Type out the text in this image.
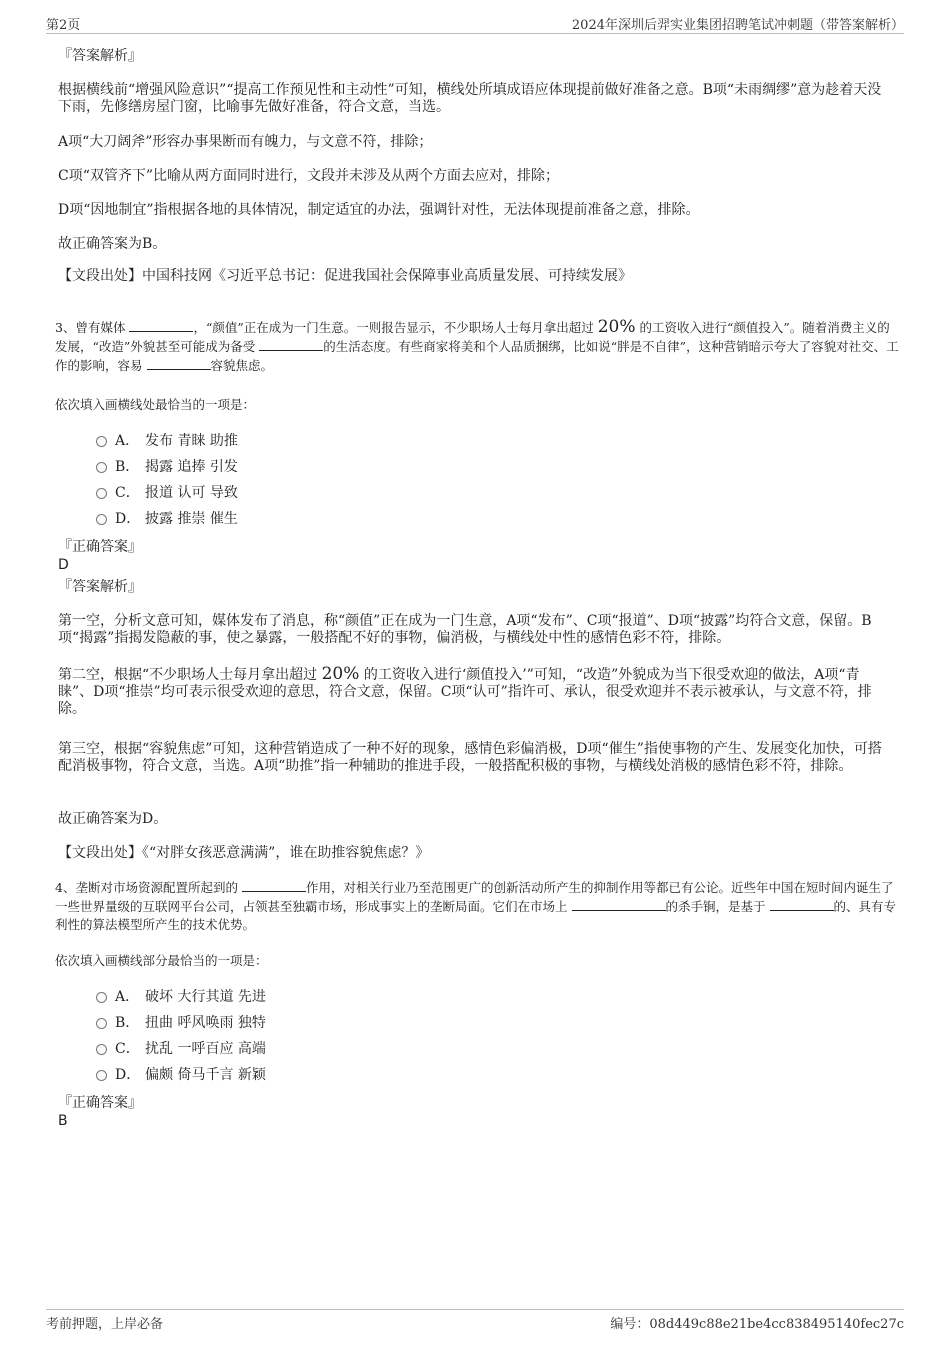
第2页	2024年深圳后羿实业集团招聘笔试冲刺题（带答案解析）

『答案解析』

根据横线前“增强风险意识”“提高工作预见性和主动性”可知，横线处所填成语应体现提前做好准备之意。B项“未雨绸缪”意为趁着天没下雨，先修缮房屋门窗，比喻事先做好准备，符合文意，当选。

A项“大刀阔斧”形容办事果断而有魄力，与文意不符，排除；

C项“双管齐下”比喻从两方面同时进行，文段并未涉及从两个方面去应对，排除；

D项“因地制宜”指根据各地的具体情况，制定适宜的办法，强调针对性，无法体现提前准备之意，排除。

故正确答案为B。

【文段出处】中国科技网《习近平总书记：促进我国社会保障事业高质量发展、可持续发展》

3、曾有媒体	，“颜值”正在成为一门生意。一则报告显示，不少职场人士每月拿出超过 20% 的工资收入进行“颜值投入”。随着消费主义的发展，“改造”外貌甚至可能成为备受	的生活态度。有些商家将美和个人品质捆绑，比如说“胖是不自律”，这种营销暗示夸大了容貌对社交、工作的影响，容易	容貌焦虑。

依次填入画横线处最恰当的一项是：

A． 发布 青睐 助推
B． 揭露 追捧 引发
C． 报道 认可 导致
D． 披露 推崇 催生

『正确答案』

D

『答案解析』

第一空，分析文意可知，媒体发布了消息，称“颜值”正在成为一门生意，A项“发布”、C项“报道”、D项“披露”均符合文意，保留。B项“揭露”指揭发隐蔽的事，使之暴露，一般搭配不好的事物，偏消极，与横线处中性的感情色彩不符，排除。

第二空，根据“不少职场人士每月拿出超过 20% 的工资收入进行‘颜值投入’”可知，“改造”外貌成为当下很受欢迎的做法，A项“青睐”、D项“推崇”均可表示很受欢迎的意思，符合文意，保留。C项“认可”指许可、承认，很受欢迎并不表示被承认，与文意不符，排除。

第三空，根据“容貌焦虑”可知，这种营销造成了一种不好的现象，感情色彩偏消极，D项“催生”指使事物的产生、发展变化加快，可搭配消极事物，符合文意，当选。A项“助推”指一种辅助的推进手段，一般搭配积极的事物，与横线处消极的感情色彩不符，排除。

故正确答案为D。

【文段出处】《“对胖女孩恶意满满”，谁在助推容貌焦虑？》

4、垄断对市场资源配置所起到的	作用，对相关行业乃至范围更广的创新活动所产生的抑制作用等都已有公论。近些年中国在短时间内诞生了一些世界量级的互联网平台公司，占领甚至独霸市场，形成事实上的垄断局面。它们在市场上	的杀手锏，是基于	的、具有专利性的算法模型所产生的技术优势。

依次填入画横线部分最恰当的一项是：

A． 破坏 大行其道 先进
B． 扭曲 呼风唤雨 独特
C． 扰乱 一呼百应 高端
D． 偏颇 倚马千言 新颖

『正确答案』

B

考前押题，上岸必备	编号：08d449c88e21be4cc838495140fec27c
